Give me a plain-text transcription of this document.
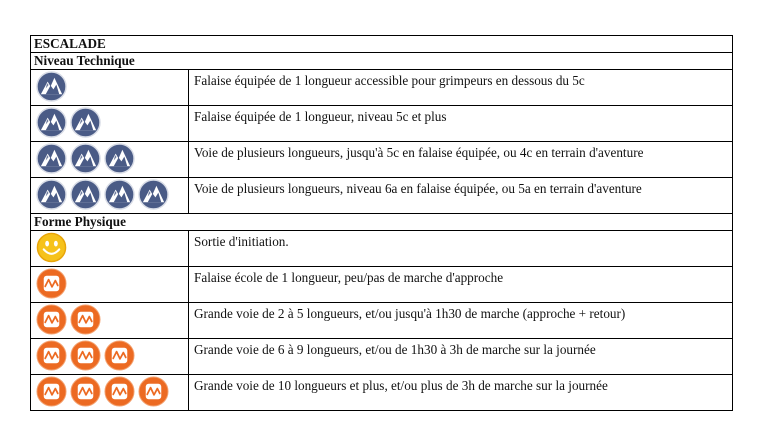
ESCALADE	
Niveau Technique	

	Falaise équipée de 1 longueur accessible pour grimpeurs en dessous du 5c

	Falaise équipée de 1 longueur, niveau 5c et plus

	Voie de plusieurs longueurs, jusqu'à 5c en falaise équipée, ou 4c en terrain d'aventure

	Voie de plusieurs longueurs, niveau 6a en falaise équipée, ou 5a en terrain d'aventure
Forme Physique	

	Sortie d'initiation.

	Falaise école de 1 longueur, peu/pas de marche d'approche

	Grande voie de 2 à 5 longueurs, et/ou jusqu'à 1h30 de marche (approche + retour)

	Grande voie de 6 à 9 longueurs, et/ou de 1h30 à 3h de marche sur la journée

	Grande voie de 10 longueurs et plus, et/ou plus de 3h de marche sur la journée
